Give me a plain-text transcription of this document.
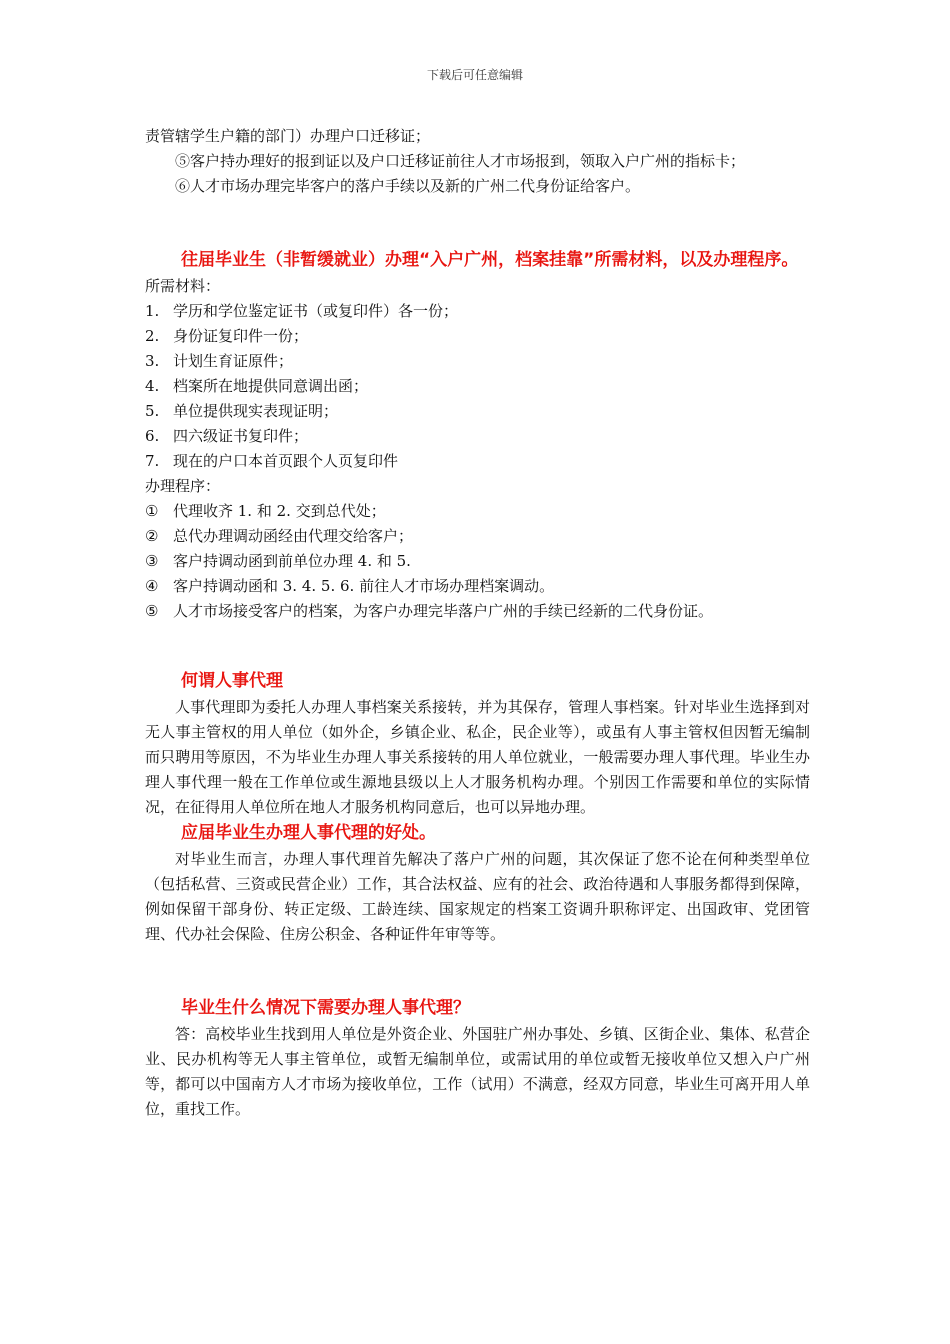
下载后可任意编辑

责管辖学生户籍的部门）办理户口迁移证；

⑤客户持办理好的报到证以及户口迁移证前往人才市场报到，领取入户广州的指标卡；

⑥人才市场办理完毕客户的落户手续以及新的广州二代身份证给客户。

往届毕业生（非暂缓就业）办理“入户广州，档案挂靠”所需材料，以及办理程序。

所需材料：

1. 学历和学位鉴定证书（或复印件）各一份；
2. 身份证复印件一份；
3. 计划生育证原件；
4. 档案所在地提供同意调出函；
5. 单位提供现实表现证明；
6. 四六级证书复印件；
7. 现在的户口本首页跟个人页复印件

办理程序：

① 代理收齐 1. 和 2. 交到总代处；
② 总代办理调动函经由代理交给客户；
③ 客户持调动函到前单位办理 4. 和 5.
④ 客户持调动函和 3. 4. 5. 6. 前往人才市场办理档案调动。
⑤ 人才市场接受客户的档案，为客户办理完毕落户广州的手续已经新的二代身份证。

何谓人事代理

人事代理即为委托人办理人事档案关系接转，并为其保存，管理人事档案。针对毕业生选择到对无人事主管权的用人单位（如外企，乡镇企业、私企，民企业等），或虽有人事主管权但因暂无编制而只聘用等原因，不为毕业生办理人事关系接转的用人单位就业，一般需要办理人事代理。毕业生办理人事代理一般在工作单位或生源地县级以上人才服务机构办理。个别因工作需要和单位的实际情况，在征得用人单位所在地人才服务机构同意后，也可以异地办理。

应届毕业生办理人事代理的好处。

对毕业生而言，办理人事代理首先解决了落户广州的问题，其次保证了您不论在何种类型单位（包括私营、三资或民营企业）工作，其合法权益、应有的社会、政治待遇和人事服务都得到保障，例如保留干部身份、转正定级、工龄连续、国家规定的档案工资调升职称评定、出国政审、党团管理、代办社会保险、住房公积金、各种证件年审等等。

毕业生什么情况下需要办理人事代理？

答：高校毕业生找到用人单位是外资企业、外国驻广州办事处、乡镇、区街企业、集体、私营企业、民办机构等无人事主管单位，或暂无编制单位，或需试用的单位或暂无接收单位又想入户广州等，都可以中国南方人才市场为接收单位，工作（试用）不满意，经双方同意，毕业生可离开用人单位，重找工作。
